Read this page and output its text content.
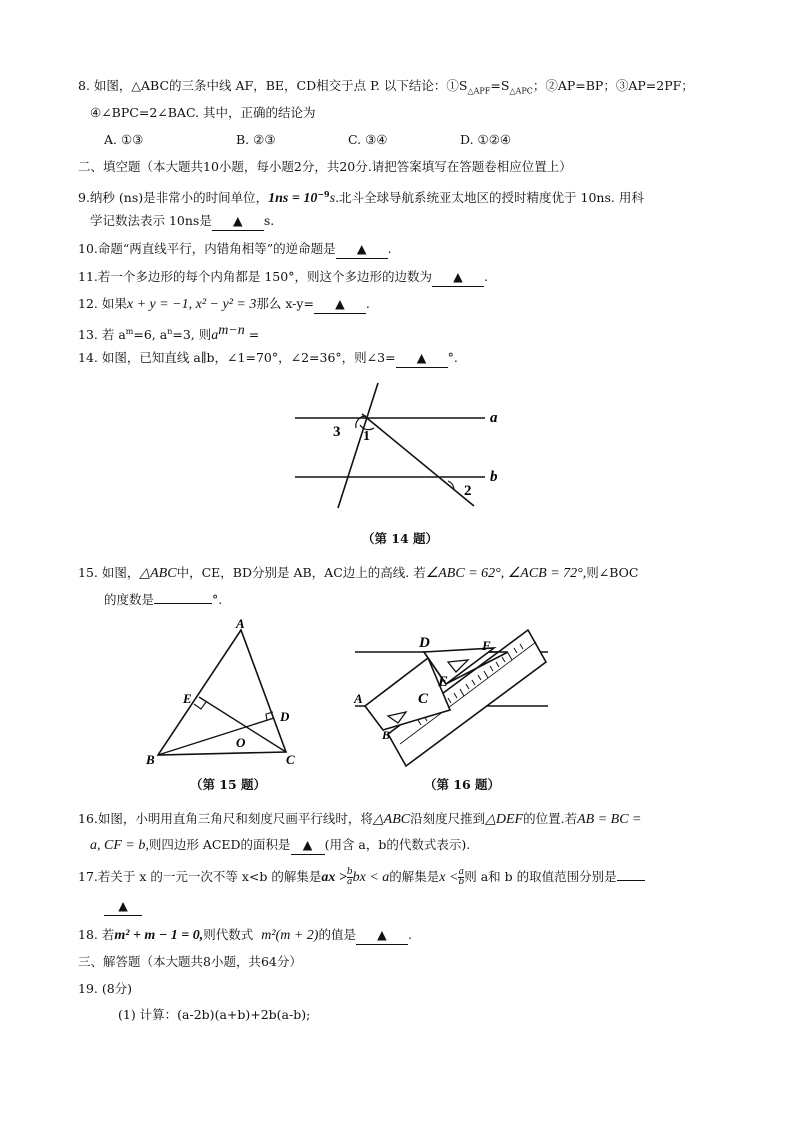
8. 如图，△ABC的三条中线 AF，BE，CD相交于点 P. 以下结论：$①S_{\triangle APF}=S_{\triangle APC}$；②AP=BP；③AP=2PF；
④∠BPC=2∠BAC. 其中，正确的结论为
A. ①③	B. ②③	C. ③④	D. ①②④
二、填空题（本大题共10小题，每小题2分，共20分.请把答案填写在答题卷相应位置上）
9.纳秒 (ns)是非常小的时间单位，$1ns = 10^{-9}s$.北斗全球导航系统亚太地区的授时精度优于 10ns. 用科
学记数法表示 10ns是 ▲ s.
10.命题“两直线平行，内错角相等”的逆命题是 ▲ .
11.若一个多边形的每个内角都是 150°，则这个多边形的边数为 ▲ .
12. 如果x + y = −1, x² − y² = 3那么 x-y= ▲ .
13. 若 $a^m=6$, $a^n=3$, 则$a^{m-n}$ =
14. 如图，已知直线 a∥b，∠1=70°，∠2=36°，则∠3= ▲ °.
a
b
1
2
3
（第 14 题）
15. 如图，△ABC中，CE，BD分别是 AB，AC边上的高线. 若∠ABC = 62°, ∠ACB = 72°,则∠BOC
的度数是	°.
A
B	C
D
E
O
（第 15 题）
A
B
C
D
E
F
（第 16 题）
16.如图，小明用直角三角尺和刻度尺画平行线时，将△ABC沿刻度尺推到△DEF的位置.若AB = BC =
a, CF = b,则四边形 ACED的面积是 ▲ (用含 a，b的代数式表示).
17.若关于 x 的一元一次不等 x<b 的解集是ax > $\frac{b}{a}$ bx < a的解集是$x < \frac{a}{b}$ 则 a和 b 的取值范围分别是
▲
18. 若m² + m − 1 = 0,则代数式 m²(m + 2)的值是 ▲ .
三、解答题（本大题共8小题，共64分）
19. (8分)
(1) 计算：(a-2b)(a+b)+2b(a-b);
